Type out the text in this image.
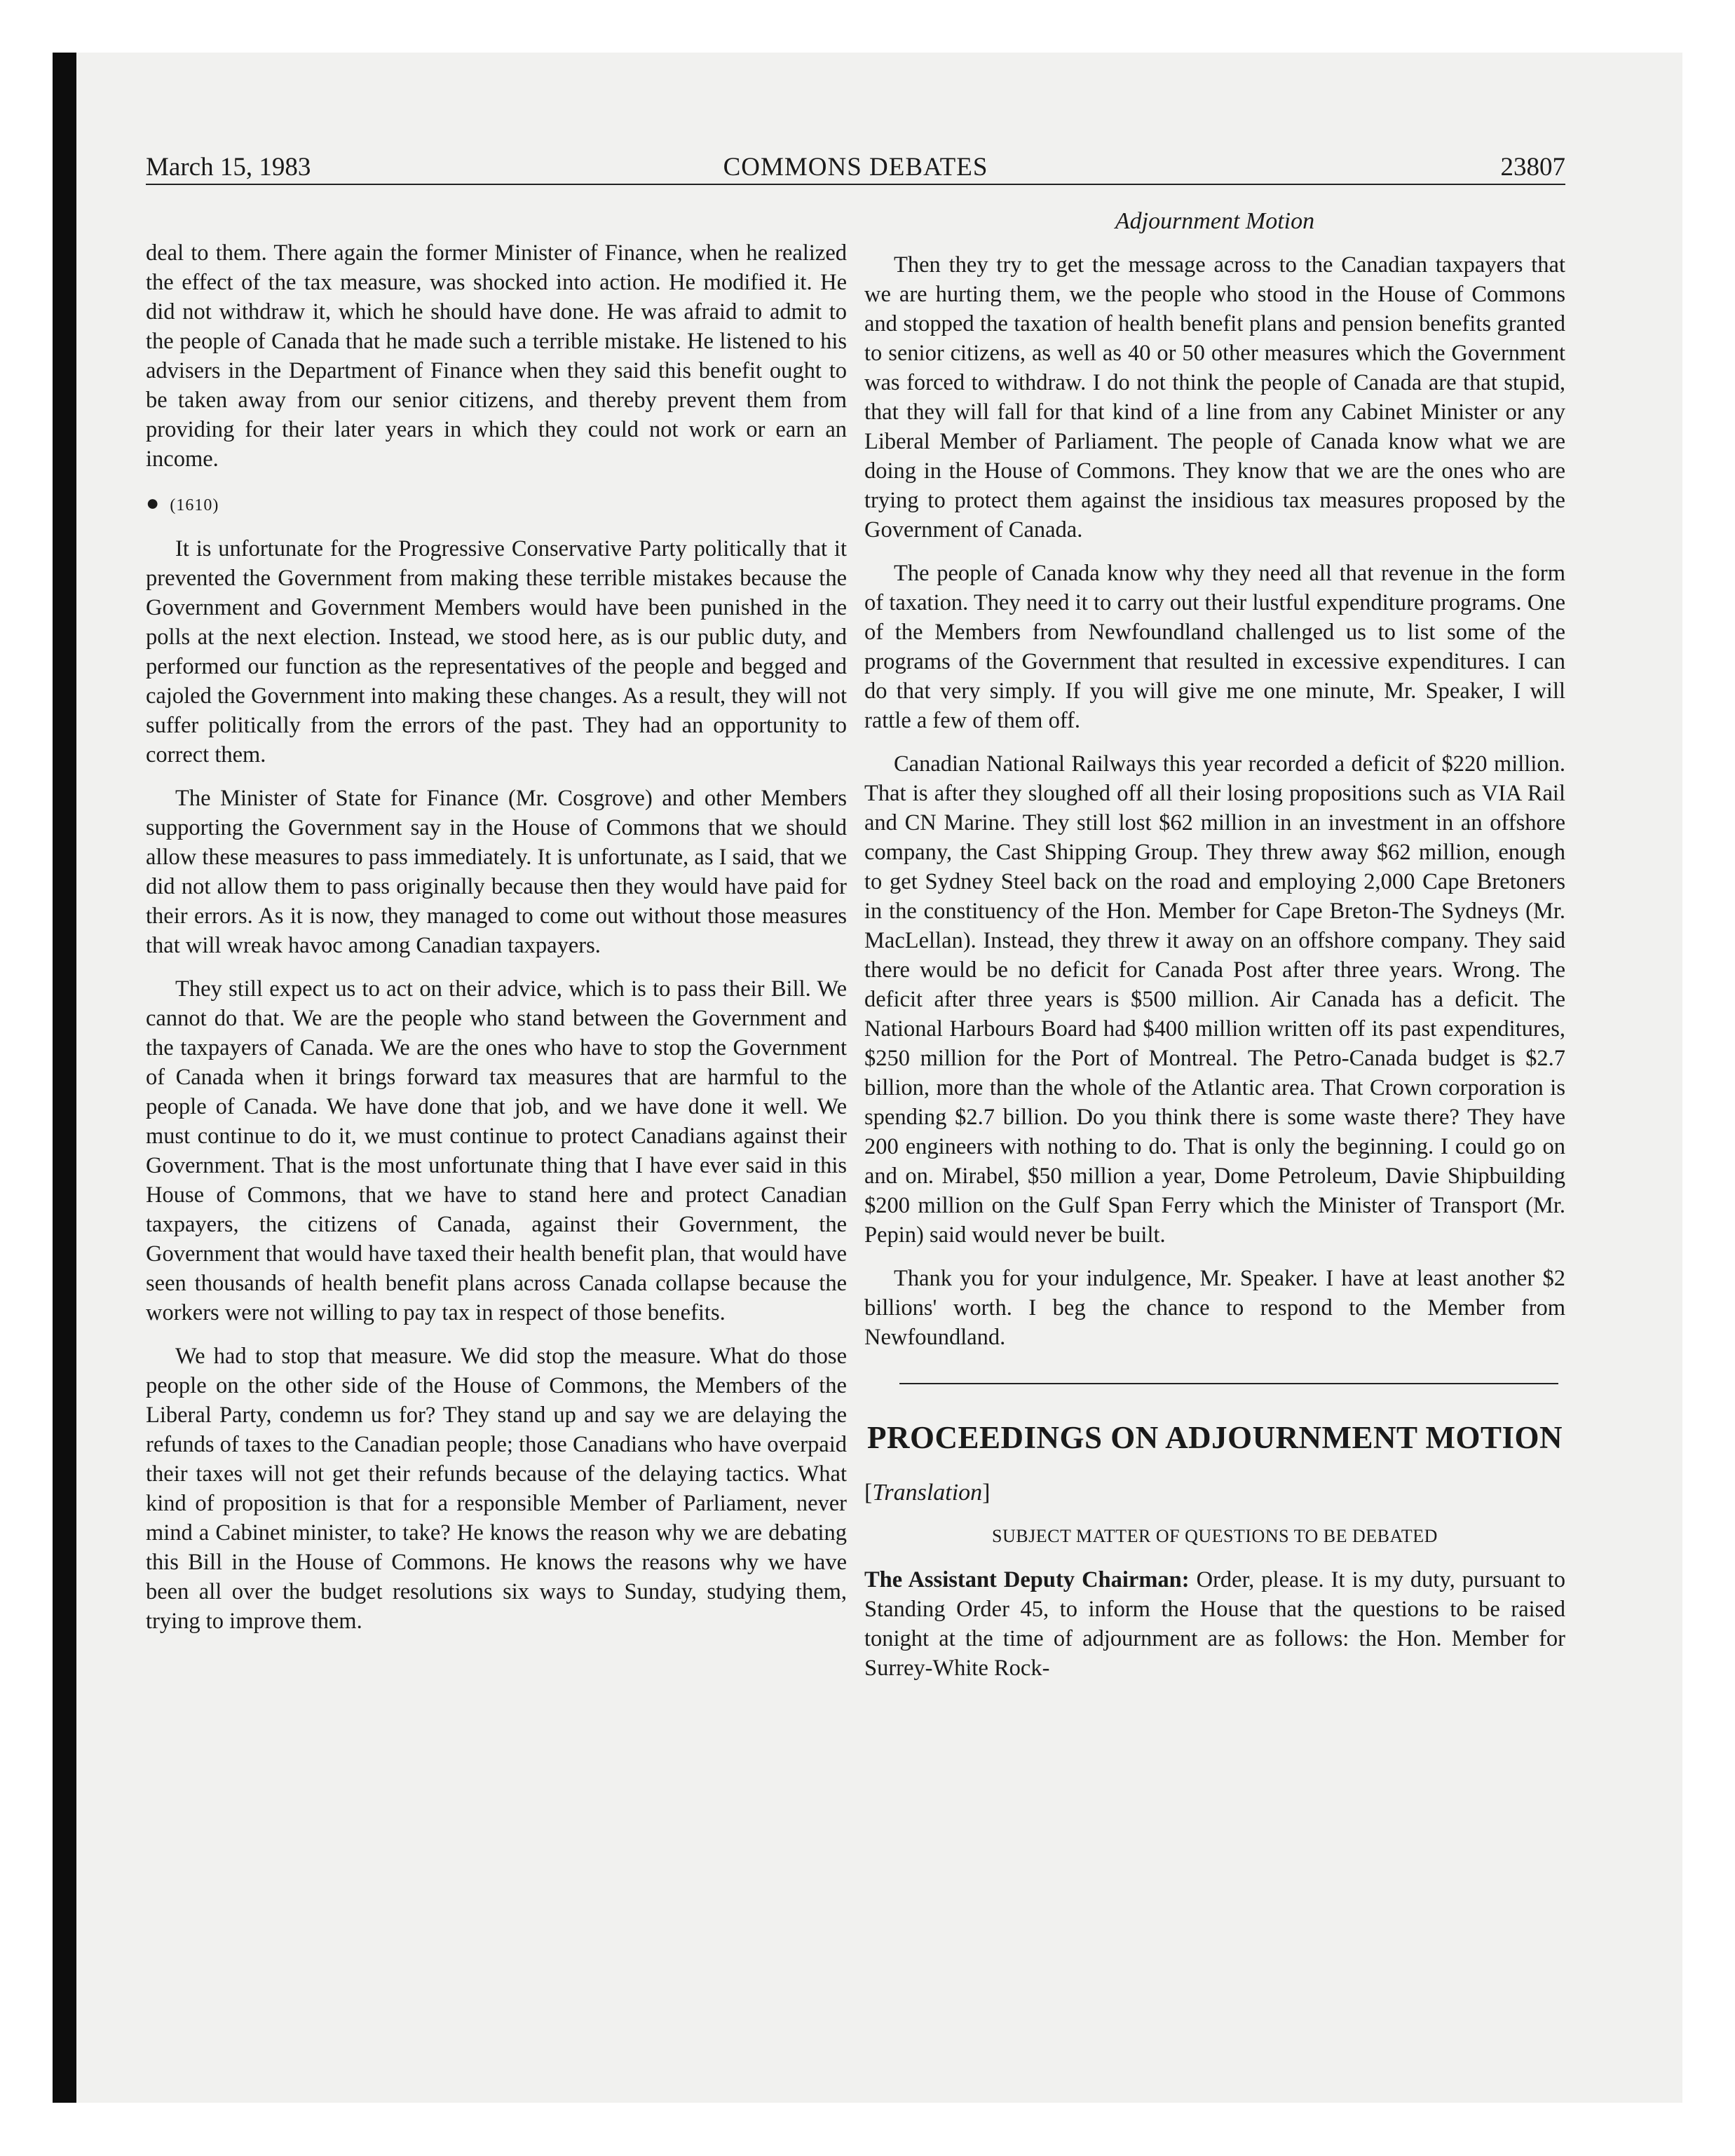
March 15, 1983	COMMONS DEBATES	23807

deal to them. There again the former Minister of Finance, when he realized the effect of the tax measure, was shocked into action. He modified it. He did not withdraw it, which he should have done. He was afraid to admit to the people of Canada that he made such a terrible mistake. He listened to his advisers in the Department of Finance when they said this benefit ought to be taken away from our senior citizens, and thereby prevent them from providing for their later years in which they could not work or earn an income.

● (1610)

It is unfortunate for the Progressive Conservative Party politically that it prevented the Government from making these terrible mistakes because the Government and Government Members would have been punished in the polls at the next election. Instead, we stood here, as is our public duty, and performed our function as the representatives of the people and begged and cajoled the Government into making these changes. As a result, they will not suffer politically from the errors of the past. They had an opportunity to correct them.

The Minister of State for Finance (Mr. Cosgrove) and other Members supporting the Government say in the House of Commons that we should allow these measures to pass immediately. It is unfortunate, as I said, that we did not allow them to pass originally because then they would have paid for their errors. As it is now, they managed to come out without those measures that will wreak havoc among Canadian taxpayers.

They still expect us to act on their advice, which is to pass their Bill. We cannot do that. We are the people who stand between the Government and the taxpayers of Canada. We are the ones who have to stop the Government of Canada when it brings forward tax measures that are harmful to the people of Canada. We have done that job, and we have done it well. We must continue to do it, we must continue to protect Canadians against their Government. That is the most unfortunate thing that I have ever said in this House of Commons, that we have to stand here and protect Canadian taxpayers, the citizens of Canada, against their Government, the Government that would have taxed their health benefit plan, that would have seen thousands of health benefit plans across Canada collapse because the workers were not willing to pay tax in respect of those benefits.

We had to stop that measure. We did stop the measure. What do those people on the other side of the House of Commons, the Members of the Liberal Party, condemn us for? They stand up and say we are delaying the refunds of taxes to the Canadian people; those Canadians who have overpaid their taxes will not get their refunds because of the delaying tactics. What kind of proposition is that for a responsible Member of Parliament, never mind a Cabinet minister, to take? He knows the reason why we are debating this Bill in the House of Commons. He knows the reasons why we have been all over the budget resolutions six ways to Sunday, studying them, trying to improve them.

Adjournment Motion

Then they try to get the message across to the Canadian taxpayers that we are hurting them, we the people who stood in the House of Commons and stopped the taxation of health benefit plans and pension benefits granted to senior citizens, as well as 40 or 50 other measures which the Government was forced to withdraw. I do not think the people of Canada are that stupid, that they will fall for that kind of a line from any Cabinet Minister or any Liberal Member of Parliament. The people of Canada know what we are doing in the House of Commons. They know that we are the ones who are trying to protect them against the insidious tax measures proposed by the Government of Canada.

The people of Canada know why they need all that revenue in the form of taxation. They need it to carry out their lustful expenditure programs. One of the Members from Newfoundland challenged us to list some of the programs of the Government that resulted in excessive expenditures. I can do that very simply. If you will give me one minute, Mr. Speaker, I will rattle a few of them off.

Canadian National Railways this year recorded a deficit of $220 million. That is after they sloughed off all their losing propositions such as VIA Rail and CN Marine. They still lost $62 million in an investment in an offshore company, the Cast Shipping Group. They threw away $62 million, enough to get Sydney Steel back on the road and employing 2,000 Cape Bretoners in the constituency of the Hon. Member for Cape Breton-The Sydneys (Mr. MacLellan). Instead, they threw it away on an offshore company. They said there would be no deficit for Canada Post after three years. Wrong. The deficit after three years is $500 million. Air Canada has a deficit. The National Harbours Board had $400 million written off its past expenditures, $250 million for the Port of Montreal. The Petro-Canada budget is $2.7 billion, more than the whole of the Atlantic area. That Crown corporation is spending $2.7 billion. Do you think there is some waste there? They have 200 engineers with nothing to do. That is only the beginning. I could go on and on. Mirabel, $50 million a year, Dome Petroleum, Davie Shipbuilding $200 million on the Gulf Span Ferry which the Minister of Transport (Mr. Pepin) said would never be built.

Thank you for your indulgence, Mr. Speaker. I have at least another $2 billions' worth. I beg the chance to respond to the Member from Newfoundland.

PROCEEDINGS ON ADJOURNMENT MOTION

[Translation]

SUBJECT MATTER OF QUESTIONS TO BE DEBATED

The Assistant Deputy Chairman: Order, please. It is my duty, pursuant to Standing Order 45, to inform the House that the questions to be raised tonight at the time of adjournment are as follows: the Hon. Member for Surrey-White Rock-
